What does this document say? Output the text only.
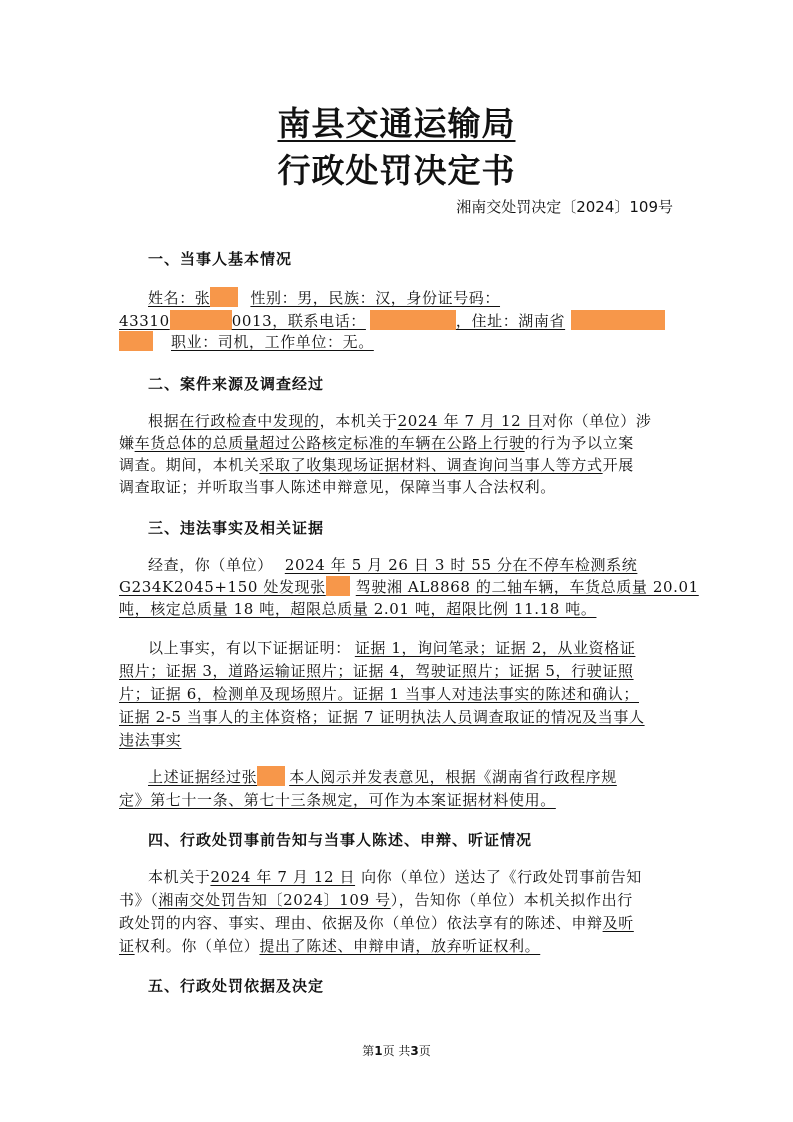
南县交通运输局
行政处罚决定书
湘南交处罚决定〔2024〕109号
一、当事人基本情况
姓名：张	性别：男，民族：汉，身份证号码：
43310	0013，联系电话：	，住址：湖南省
职业：司机，工作单位：无。
二、案件来源及调查经过
根据在行政检查中发现的，本机关于2024 年 7 月 12 日对你（单位）涉
嫌车货总体的总质量超过公路核定标准的车辆在公路上行驶的行为予以立案
调查。期间，本机关采取了收集现场证据材料、调查询问当事人等方式开展
调查取证；并听取当事人陈述申辩意见，保障当事人合法权利。
三、违法事实及相关证据
经查，你（单位） 2024 年 5 月 26 日 3 时 55 分在不停车检测系统
G234K2045+150 处发现张 驾驶湘 AL8868 的二轴车辆，车货总质量 20.01
吨，核定总质量 18 吨，超限总质量 2.01 吨，超限比例 11.18 吨。
以上事实，有以下证据证明： 证据 1，询问笔录；证据 2，从业资格证
照片；证据 3，道路运输证照片；证据 4，驾驶证照片；证据 5，行驶证照
片；证据 6，检测单及现场照片。证据 1 当事人对违法事实的陈述和确认；
证据 2-5 当事人的主体资格；证据 7 证明执法人员调查取证的情况及当事人
违法事实
上述证据经过张 本人阅示并发表意见，根据《湖南省行政程序规
定》第七十一条、第七十三条规定，可作为本案证据材料使用。
四、行政处罚事前告知与当事人陈述、申辩、听证情况
本机关于2024 年 7 月 12 日 向你（单位）送达了《行政处罚事前告知
书》（湘南交处罚告知〔2024〕109 号），告知你（单位）本机关拟作出行
政处罚的内容、事实、理由、依据及你（单位）依法享有的陈述、申辩及听
证权利。你（单位）提出了陈述、申辩申请，放弃听证权利。
五、行政处罚依据及决定
第1页 共3页
